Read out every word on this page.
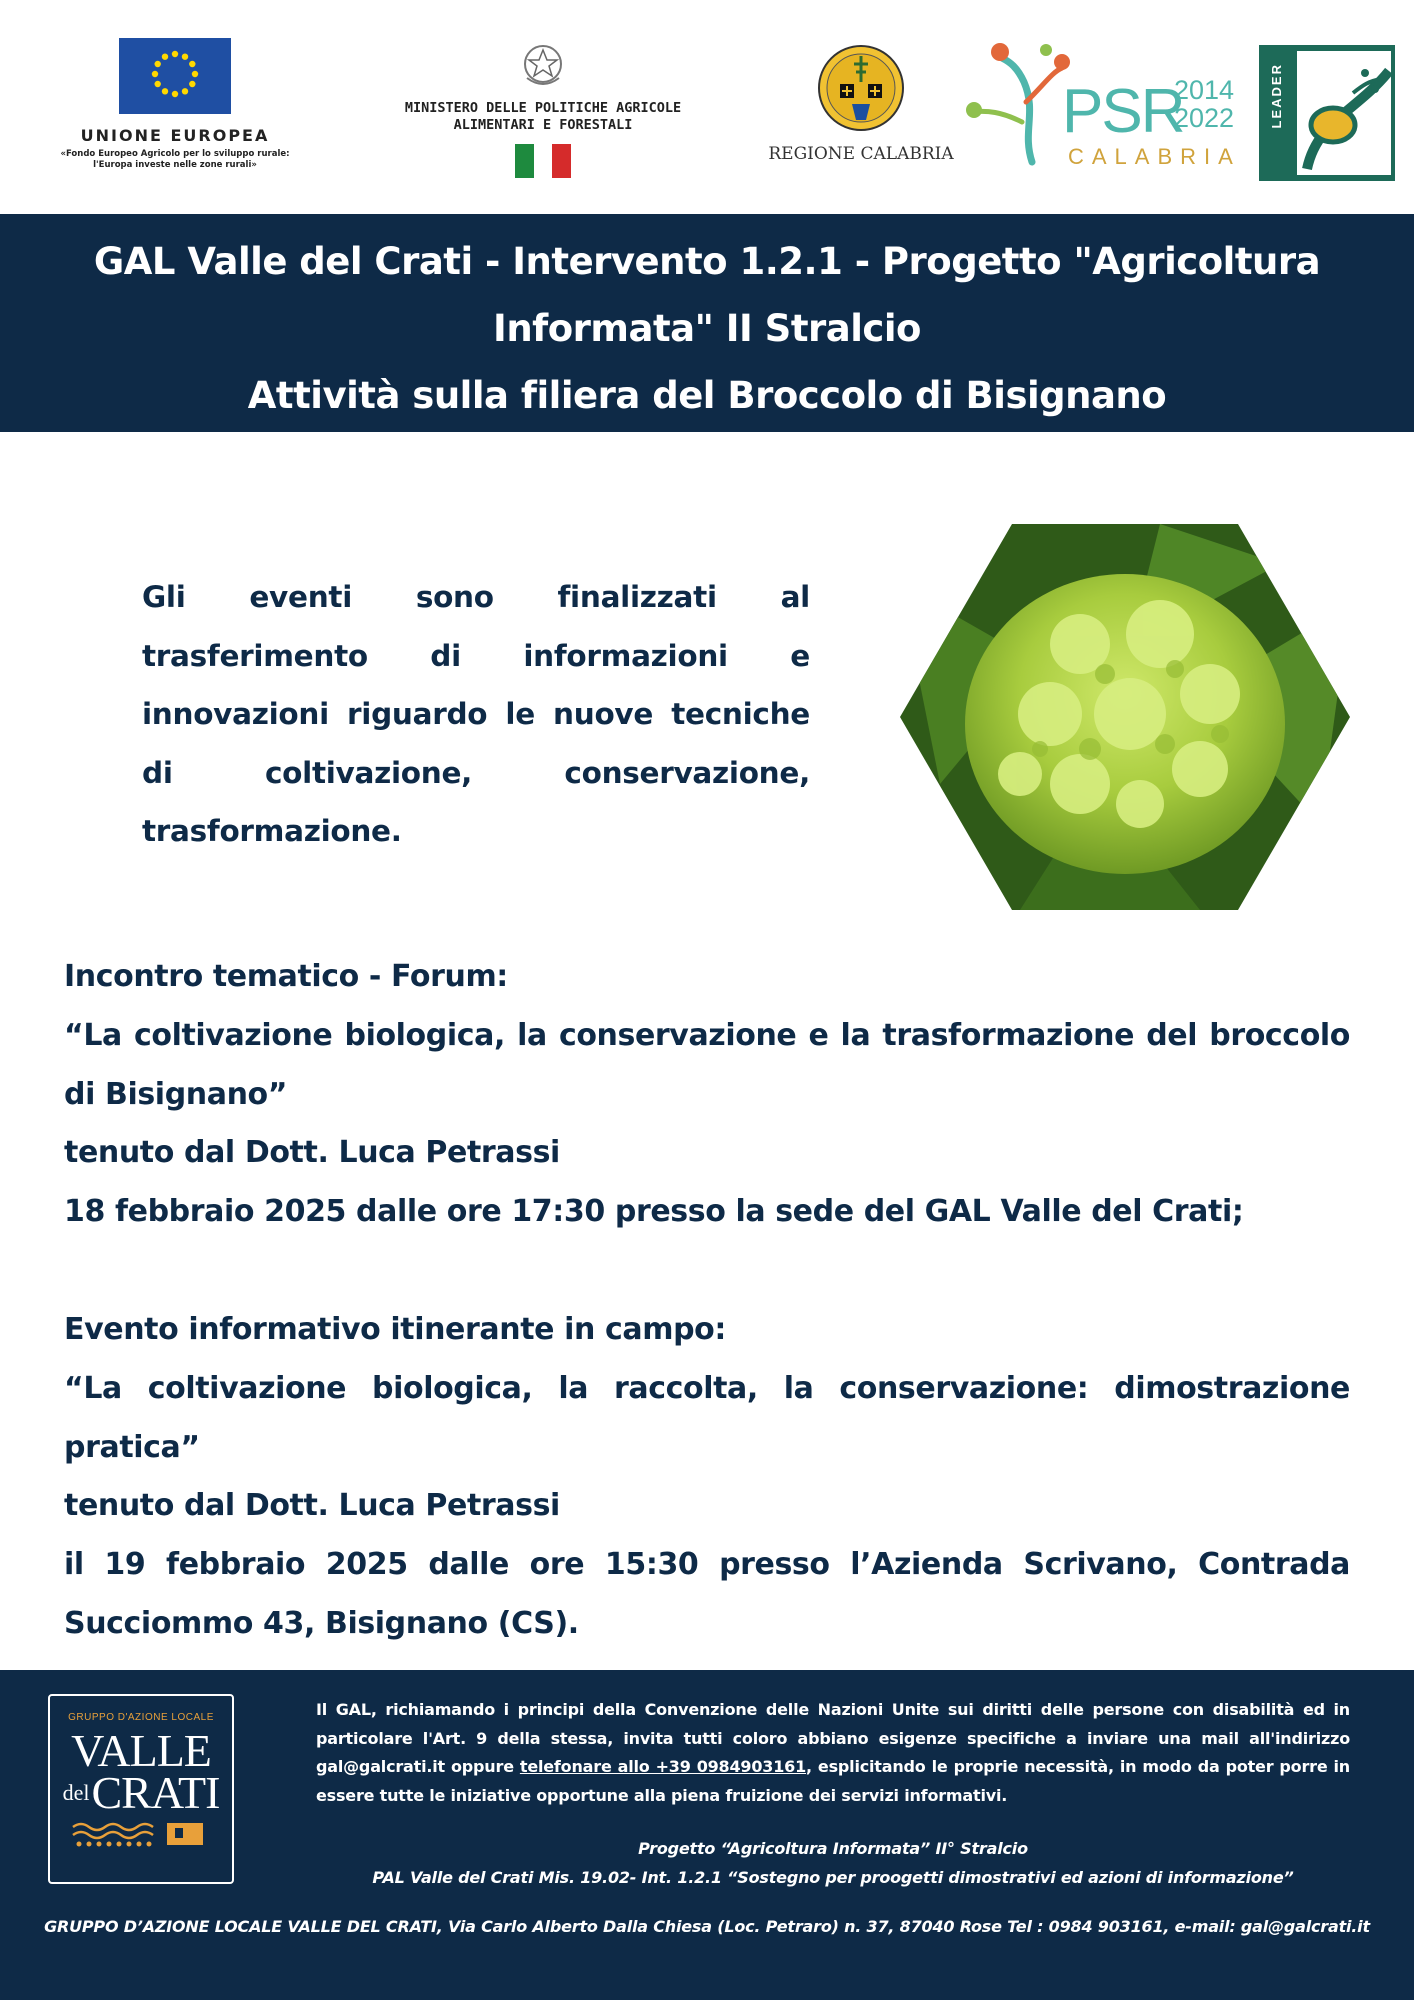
UNIONE EUROPEA
«Fondo Europeo Agricolo per lo sviluppo rurale:
l'Europa investe nelle zone rurali»
MINISTERO DELLE POLITICHE AGRICOLE
ALIMENTARI E FORESTALI
REGIONE CALABRIA
PSR
2014
2022
CALABRIA
LEADER

GAL Valle del Crati - Intervento 1.2.1 - Progetto "Agricoltura

Informata" II Stralcio

Attività sulla filiera del Broccolo di Bisignano

Gli eventi sono finalizzati al trasferimento di informazioni e innovazioni riguardo le nuove tecniche di coltivazione, conservazione, trasformazione.

Incontro tematico - Forum:

“La coltivazione biologica, la conservazione e la trasformazione del broccolo di Bisignano”

tenuto dal Dott. Luca Petrassi

18 febbraio 2025 dalle ore 17:30 presso la sede del GAL Valle del Crati;

Evento informativo itinerante in campo:

“La coltivazione biologica, la raccolta, la conservazione: dimostrazione pratica”

tenuto dal Dott. Luca Petrassi

il 19 febbraio 2025 dalle ore 15:30 presso l’Azienda Scrivano, Contrada Succiommo 43, Bisignano (CS).

GRUPPO D'AZIONE LOCALE
VALLE
del CRATI

Il GAL, richiamando i principi della Convenzione delle Nazioni Unite sui diritti delle persone con disabilità ed in particolare l'Art. 9 della stessa, invita tutti coloro abbiano esigenze specifiche a inviare una mail all'indirizzo gal@galcrati.it oppure telefonare allo +39 0984903161, esplicitando le proprie necessità, in modo da poter porre in essere tutte le iniziative opportune alla piena fruizione dei servizi informativi.

Progetto “Agricoltura Informata” II° Stralcio
PAL Valle del Crati Mis. 19.02- Int. 1.2.1 “Sostegno per proogetti dimostrativi ed azioni di informazione”

GRUPPO D’AZIONE LOCALE VALLE DEL CRATI, Via Carlo Alberto Dalla Chiesa (Loc. Petraro) n. 37, 87040 Rose Tel : 0984 903161, e-mail: gal@galcrati.it
